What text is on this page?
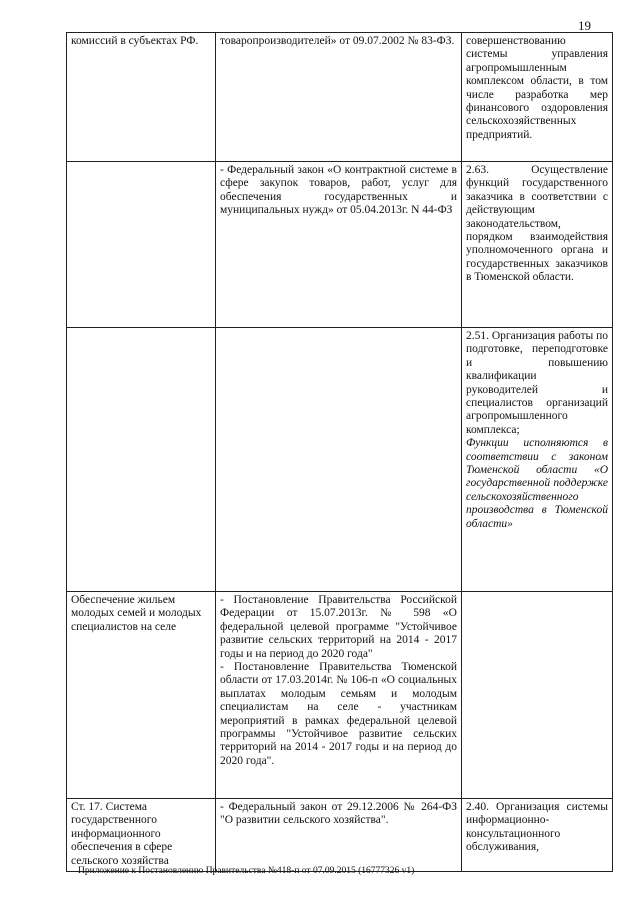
19
комиссий в субъектах РФ.	товаропроизводителей» от 09.07.2002 № 83-ФЗ.	совершенствованию системы управления агропромышленным комплексом области, в том числе разработка мер финансового оздоровления сельскохозяйственных предприятий.

	- Федеральный закон «О контрактной системе в сфере закупок товаров, работ, услуг для обеспечения государственных и муниципальных нужд» от 05.04.2013г. N 44-ФЗ	2.63. Осуществление функций государственного заказчика в соответствии с действующим законодательством, порядком взаимодействия уполномоченного органа и государственных заказчиков в Тюменской области.

		2.51. Организация работы по подготовке, переподготовке и повышению квалификации руководителей и специалистов организаций агропромышленного комплекса;
Функции исполняются в соответствии с законом Тюменской области «О государственной поддержке сельскохозяйственного производства в Тюменской области»

Обеспечение жильем молодых семей и молодых специалистов на селе	- Постановление Правительства Российской Федерации от 15.07.2013г. № 598 «О федеральной целевой программе "Устойчивое развитие сельских территорий на 2014 - 2017 годы и на период до 2020 года"
- Постановление Правительства Тюменской области от 17.03.2014г. № 106-п «О социальных выплатах молодым семьям и молодым специалистам на селе - участникам мероприятий в рамках федеральной целевой программы "Устойчивое развитие сельских территорий на 2014 - 2017 годы и на период до 2020 года".	

Ст. 17. Система государственного информационного обеспечения в сфере сельского хозяйства	- Федеральный закон от 29.12.2006 № 264-ФЗ "О развитии сельского хозяйства".	2.40. Организация системы информационно-консультационного обслуживания,
Приложение к Постановлению Правительства №418-п от 07.09.2015 (16777326 v1)
